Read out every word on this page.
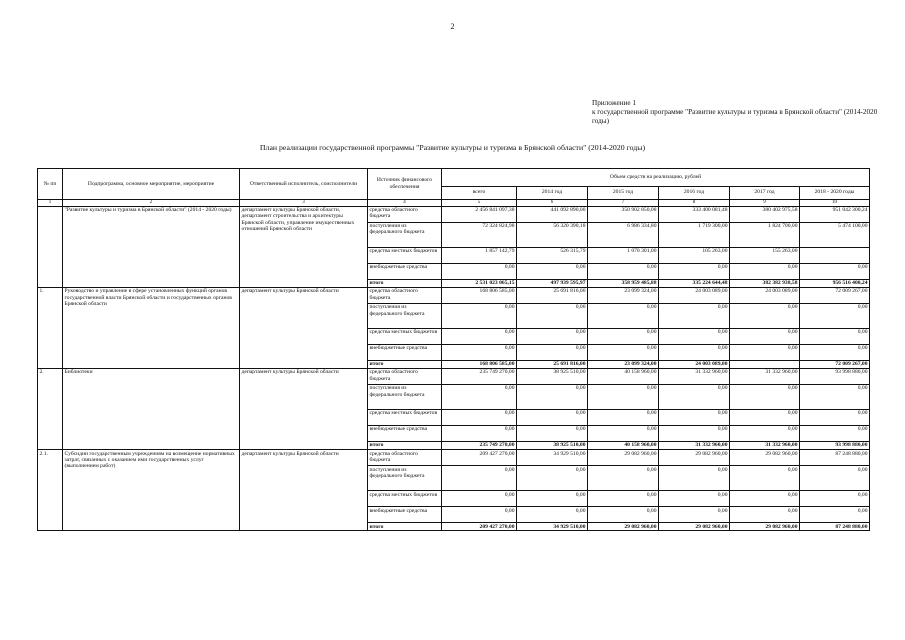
2
Приложение 1
к государственной программе "Развитие культуры и туризма в Брянской области" (2014-2020 годы)
План реализации государственной программы "Развитие культуры и туризма в Брянской области" (2014-2020 годы)
№ пп	Подпрограмма, основное мероприятие, мероприятие	Ответственный исполнитель, соисполнители	Источник финансового обеспечения	Объем средств на реализацию, рублей					
				всего	2014 год	2015 год	2016 год	2017 год	2018 - 2020 годы
1	2	3	4	5	6	7	8	9	10
	"Развитие культуры и туризма в Брянской области" (2014 - 2020 годы)	департамент культуры Брянской области, департамент строительства и архитектуры Брянской области, управление имущественных отношений Брянской области	средства областного бюджета	2 456 841 097,38	441 092 890,00	350 902 850,08	333 400 081,48	380 402 975,58	951 042 300,24
			поступления из федерального бюджета	72 324 824,98	56 320 390,18	6 986 334,80	1 719 300,00	1 824 700,00	5 474 100,00
			средства местных бюджетов	1 857 142,79	526 315,79	1 070 301,00	105 263,00	155 263,00	
			внебюджетные средства	0,00	0,00	0,00	0,00	0,00	0,00
			итого	2 531 023 065,15	497 939 595,97	358 959 485,88	335 224 644,48	382 382 938,58	956 516 400,24
1.	Руководство и управление в сфере установленных функций органов государственной власти Брянской области и государственных органов Брянской области	департамент культуры Брянской области	средства областного бюджета	168 806 585,00	25 691 816,00	23 099 324,00	24 003 089,00	24 003 089,00	72 009 267,00
			поступления из федерального бюджета	0,00	0,00	0,00	0,00	0,00	0,00
			средства местных бюджетов	0,00	0,00	0,00	0,00	0,00	0,00
			внебюджетные средства	0,00	0,00	0,00	0,00	0,00	0,00
			итого	168 806 585,00	25 691 816,00	23 099 324,00	24 003 089,00		72 009 267,00
2.	Библиотеки	департамент культуры Брянской области	средства областного бюджета	235 749 270,00	38 925 510,00	40 158 960,00	31 332 960,00	31 332 960,00	93 998 880,00
			поступления из федерального бюджета	0,00	0,00	0,00	0,00	0,00	0,00
			средства местных бюджетов	0,00	0,00	0,00	0,00	0,00	0,00
			внебюджетные средства	0,00	0,00	0,00	0,00	0,00	0,00
			итого	235 749 270,00	38 925 510,00	40 158 960,00	31 332 960,00	31 332 960,00	93 998 880,00
2.1.	Субсидии государственным учреждениям на возмещение нормативных затрат, связанных с оказанием ими государственных услуг (выполнением работ)	департамент культуры Брянской области	средства областного бюджета	209 427 270,00	34 929 510,00	29 082 960,00	29 082 960,00	29 082 960,00	87 248 880,00
			поступления из федерального бюджета	0,00	0,00	0,00	0,00	0,00	0,00
			средства местных бюджетов	0,00	0,00	0,00	0,00	0,00	0,00
			внебюджетные средства	0,00	0,00	0,00	0,00	0,00	0,00
			итого	209 427 270,00	34 929 510,00	29 082 960,00	29 082 960,00	29 082 960,00	87 248 880,00
